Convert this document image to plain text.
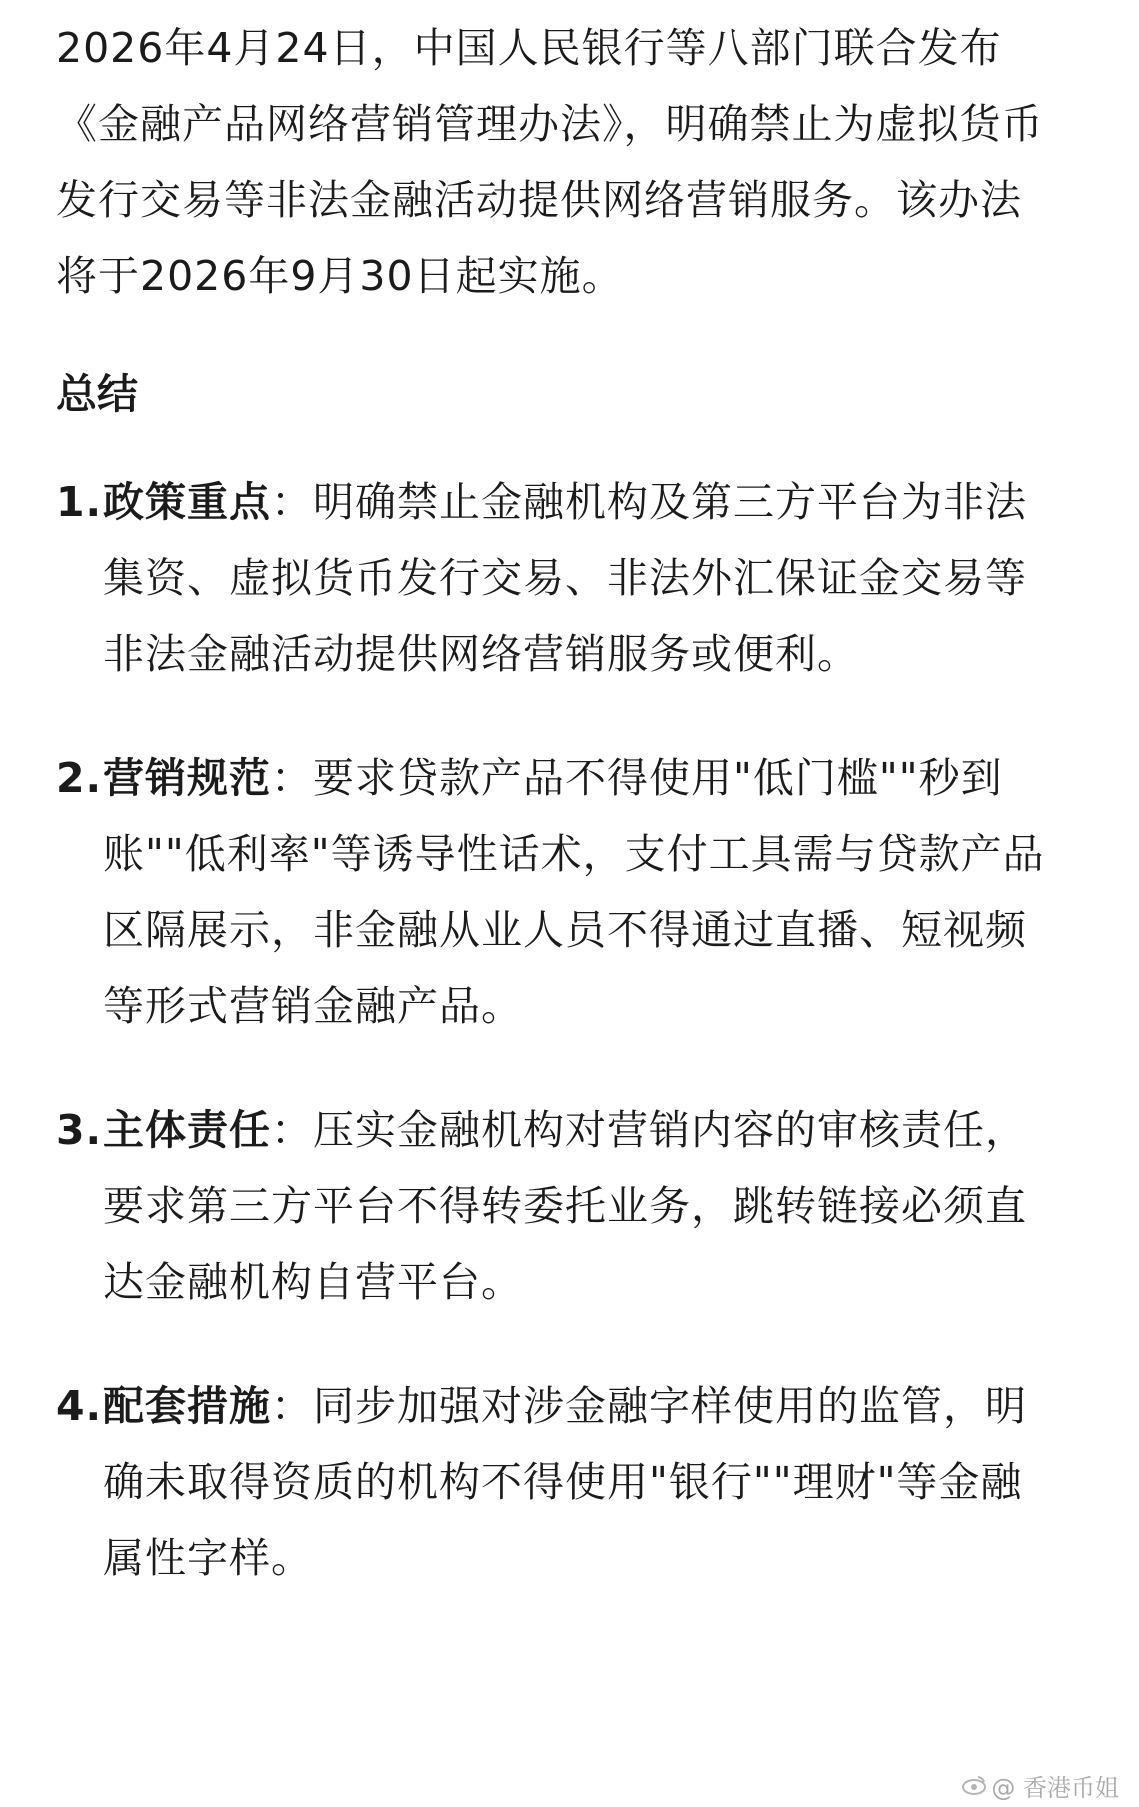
2026年4月24日，中国人民银行等八部门联合发布《金融产品网络营销管理办法》，明确禁止为虚拟货币发行交易等非法金融活动提供网络营销服务。该办法将于2026年9月30日起实施。

总结
1. 政策重点：明确禁止金融机构及第三方平台为非法集资、虚拟货币发行交易、非法外汇保证金交易等非法金融活动提供网络营销服务或便利。
2. 营销规范：要求贷款产品不得使用"低门槛""秒到账""低利率"等诱导性话术，支付工具需与贷款产品区隔展示，非金融从业人员不得通过直播、短视频等形式营销金融产品。
3. 主体责任：压实金融机构对营销内容的审核责任，要求第三方平台不得转委托业务，跳转链接必须直达金融机构自营平台。
4. 配套措施：同步加强对涉金融字样使用的监管，明确未取得资质的机构不得使用"银行""理财"等金融属性字样。
@ 香港币姐
